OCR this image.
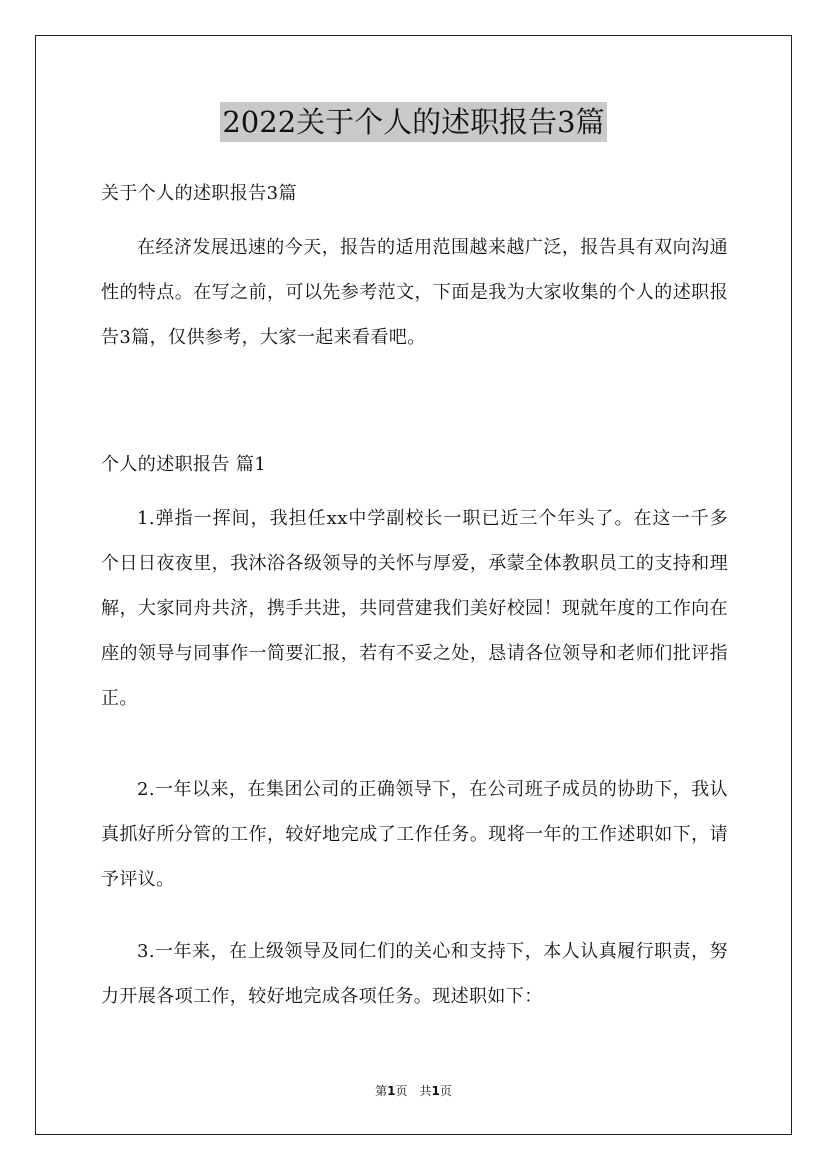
2022关于个人的述职报告3篇

关于个人的述职报告3篇

在经济发展迅速的今天，报告的适用范围越来越广泛，报告具有双向沟通性的特点。在写之前，可以先参考范文，下面是我为大家收集的个人的述职报告3篇，仅供参考，大家一起来看看吧。

个人的述职报告 篇1

1.弹指一挥间，我担任xx中学副校长一职已近三个年头了。在这一千多个日日夜夜里，我沐浴各级领导的关怀与厚爱，承蒙全体教职员工的支持和理解，大家同舟共济，携手共进，共同营建我们美好校园！现就年度的工作向在座的领导与同事作一简要汇报，若有不妥之处，恳请各位领导和老师们批评指正。

2.一年以来，在集团公司的正确领导下，在公司班子成员的协助下，我认真抓好所分管的工作，较好地完成了工作任务。现将一年的工作述职如下，请予评议。

3.一年来，在上级领导及同仁们的关心和支持下，本人认真履行职责，努力开展各项工作，较好地完成各项任务。现述职如下：

第1页　共1页
